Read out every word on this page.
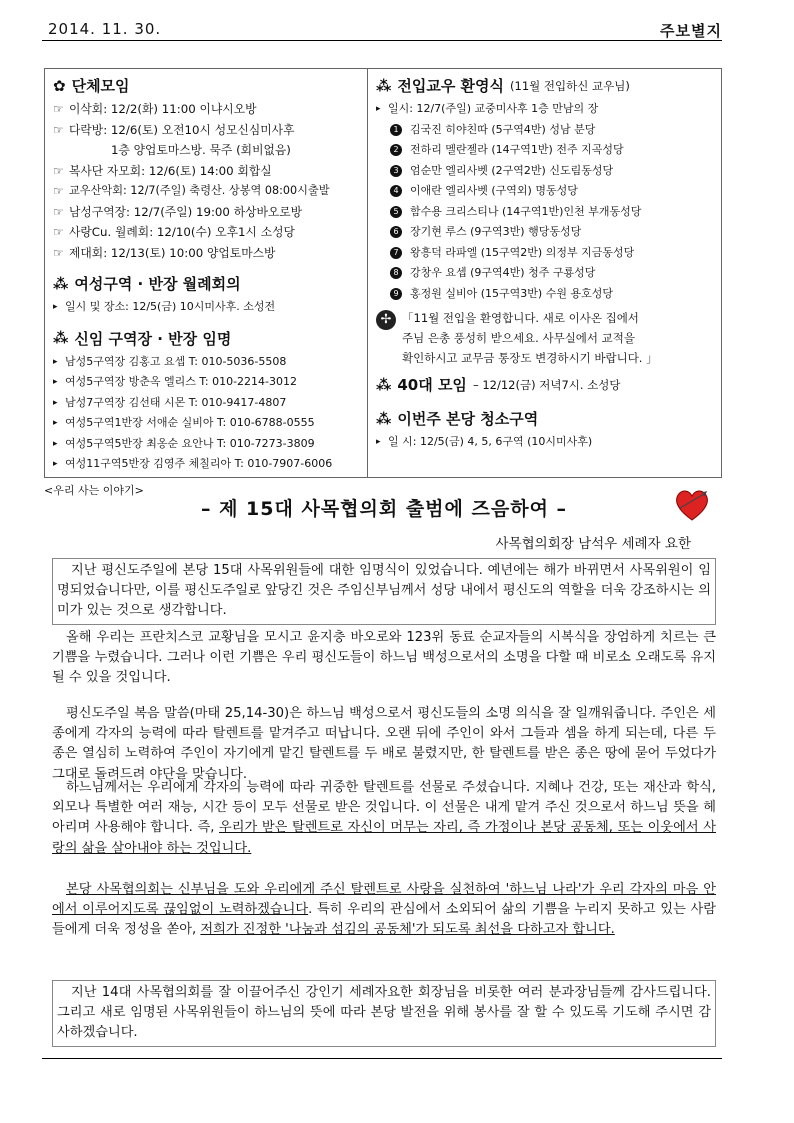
2014. 11. 30.	주보별지
✿ 단체모임
☞ 이삭회: 12/2(화) 11:00 이냐시오방
☞ 다락방: 12/6(토) 오전10시 성모신심미사후
1층 양업토마스방. 묵주 (회비없음)
☞ 복사단 자모회: 12/6(토) 14:00 회합실
☞ 교우산악회: 12/7(주일) 축령산. 상봉역 08:00시출발
☞ 남성구역장: 12/7(주일) 19:00 하상바오로방
☞ 사랑Cu. 월례회: 12/10(수) 오후1시 소성당
☞ 제대회: 12/13(토) 10:00 양업토마스방
⁂ 여성구역 · 반장 월례회의
▸ 일시 및 장소: 12/5(금) 10시미사후. 소성전
⁂ 신임 구역장 · 반장 임명
▸ 남성5구역장 김홍고 요셉 T: 010-5036-5508
▸ 여성5구역장 방춘옥 엘리스 T: 010-2214-3012
▸ 남성7구역장 김선태 시몬 T: 010-9417-4807
▸ 여성5구역1반장 서애순 실비아 T: 010-6788-0555
▸ 여성5구역5반장 최옹순 요안나 T: 010-7273-3809
▸ 여성11구역5반장 김영주 체칠리아 T: 010-7907-6006
⁂ 전입교우 환영식 (11월 전입하신 교우님)
▸ 일시: 12/7(주일) 교중미사후 1층 만남의 장
1	김국진 히야친따 (5구역4반) 성남 분당
2	전하리 멜란젤라 (14구역1반) 전주 지곡성당
3	엄순만 엘리사벳 (2구역2반) 신도림동성당
4	이애란 엘리사벳 (구역외) 명동성당
5	함수용 크리스티나 (14구역1반)인천 부개동성당
6	장기현 루스 (9구역3반) 행당동성당
7	왕흥덕 라파엘 (15구역2반) 의정부 지금동성당
8	강창우 요셉 (9구역4반) 청주 구룡성당
9	홍정원 실비아 (15구역3반) 수원 용호성당
✢ 「11월 전입을 환영합니다. 새로 이사온 집에서
주님 은총 풍성히 받으세요. 사무실에서 교적을
확인하시고 교무금 통장도 변경하시기 바랍니다. 」
⁂ 40대 모임 – 12/12(금) 저녁7시. 소성당
⁂ 이번주 본당 청소구역
▸ 일 시: 12/5(금) 4, 5, 6구역 (10시미사후)
<우리 사는 이야기>
– 제 15대 사목협의회 출범에 즈음하여 –
사목협의회장 남석우 세례자 요한
지난 평신도주일에 본당 15대 사목위원들에 대한 임명식이 있었습니다. 예년에는 해가 바뀌면서 사목위원이 임명되었습니다만, 이를 평신도주일로 앞당긴 것은 주임신부님께서 성당 내에서 평신도의 역할을 더욱 강조하시는 의미가 있는 것으로 생각합니다.
올해 우리는 프란치스코 교황님을 모시고 윤지충 바오로와 123위 동료 순교자들의 시복식을 장엄하게 치르는 큰 기쁨을 누렸습니다. 그러나 이런 기쁨은 우리 평신도들이 하느님 백성으로서의 소명을 다할 때 비로소 오래도록 유지 될 수 있을 것입니다.
평신도주일 복음 말씀(마태 25,14-30)은 하느님 백성으로서 평신도들의 소명 의식을 잘 일깨워줍니다. 주인은 세 종에게 각자의 능력에 따라 탈렌트를 맡겨주고 떠납니다. 오랜 뒤에 주인이 와서 그들과 셈을 하게 되는데, 다른 두 종은 열심히 노력하여 주인이 자기에게 맡긴 탈렌트를 두 배로 불렸지만, 한 탈렌트를 받은 종은 땅에 묻어 두었다가 그대로 돌려드려 야단을 맞습니다.
하느님께서는 우리에게 각자의 능력에 따라 귀중한 탈렌트를 선물로 주셨습니다. 지혜나 건강, 또는 재산과 학식, 외모나 특별한 여러 재능, 시간 등이 모두 선물로 받은 것입니다. 이 선물은 내게 맡겨 주신 것으로서 하느님 뜻을 헤아리며 사용해야 합니다. 즉, 우리가 받은 탈렌트로 자신이 머무는 자리, 즉 가정이나 본당 공동체, 또는 이웃에서 사랑의 삶을 살아내야 하는 것입니다.
본당 사목협의회는 신부님을 도와 우리에게 주신 탈렌트로 사랑을 실천하여 '하느님 나라'가 우리 각자의 마음 안에서 이루어지도록 끊임없이 노력하겠습니다. 특히 우리의 관심에서 소외되어 삶의 기쁨을 누리지 못하고 있는 사람들에게 더욱 정성을 쏟아, 저희가 진정한 '나눔과 섬김의 공동체'가 되도록 최선을 다하고자 합니다.
지난 14대 사목협의회를 잘 이끌어주신 강인기 세례자요한 회장님을 비롯한 여러 분과장님들께 감사드립니다. 그리고 새로 임명된 사목위원들이 하느님의 뜻에 따라 본당 발전을 위해 봉사를 잘 할 수 있도록 기도해 주시면 감사하겠습니다.
